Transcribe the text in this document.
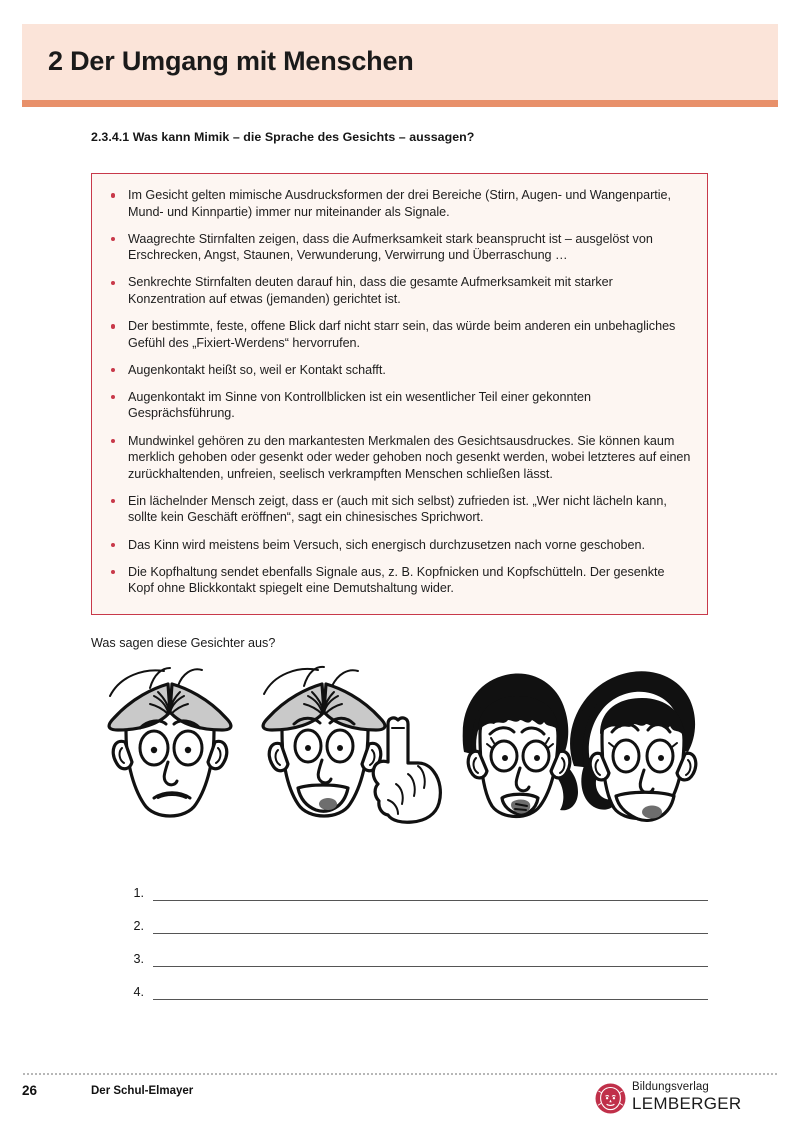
2 Der Umgang mit Menschen
2.3.4.1 Was kann Mimik – die Sprache des Gesichts – aussagen?
Im Gesicht gelten mimische Ausdrucksformen der drei Bereiche (Stirn, Augen- und Wangenpartie, Mund- und Kinnpartie) immer nur miteinander als Signale.
Waagrechte Stirnfalten zeigen, dass die Aufmerksamkeit stark beansprucht ist – ausgelöst von Erschrecken, Angst, Staunen, Verwunderung, Verwirrung und Überraschung …
Senkrechte Stirnfalten deuten darauf hin, dass die gesamte Aufmerksamkeit mit starker Konzentration auf etwas (jemanden) gerichtet ist.
Der bestimmte, feste, offene Blick darf nicht starr sein, das würde beim anderen ein unbehagliches Gefühl des „Fixiert-Werdens“ hervorrufen.
Augenkontakt heißt so, weil er Kontakt schafft.
Augenkontakt im Sinne von Kontrollblicken ist ein wesentlicher Teil einer gekonnten Gesprächsführung.
Mundwinkel gehören zu den markantesten Merkmalen des Gesichtsausdruckes. Sie können kaum merklich gehoben oder gesenkt oder weder gehoben noch gesenkt werden, wobei letzteres auf einen zurückhaltenden, unfreien, seelisch verkrampften Menschen schließen lässt.
Ein lächelnder Mensch zeigt, dass er (auch mit sich selbst) zufrieden ist. „Wer nicht lächeln kann, sollte kein Geschäft eröffnen“, sagt ein chinesisches Sprichwort.
Das Kinn wird meistens beim Versuch, sich energisch durchzusetzen nach vorne geschoben.
Die Kopfhaltung sendet ebenfalls Signale aus, z. B. Kopfnicken und Kopfschütteln. Der gesenkte Kopf ohne Blickkontakt spiegelt eine Demutshaltung wider.
Was sagen diese Gesichter aus?
1.
2.
3.
4.
26	Der Schul-Elmayer	Bildungsverlag
LEMBERGER
